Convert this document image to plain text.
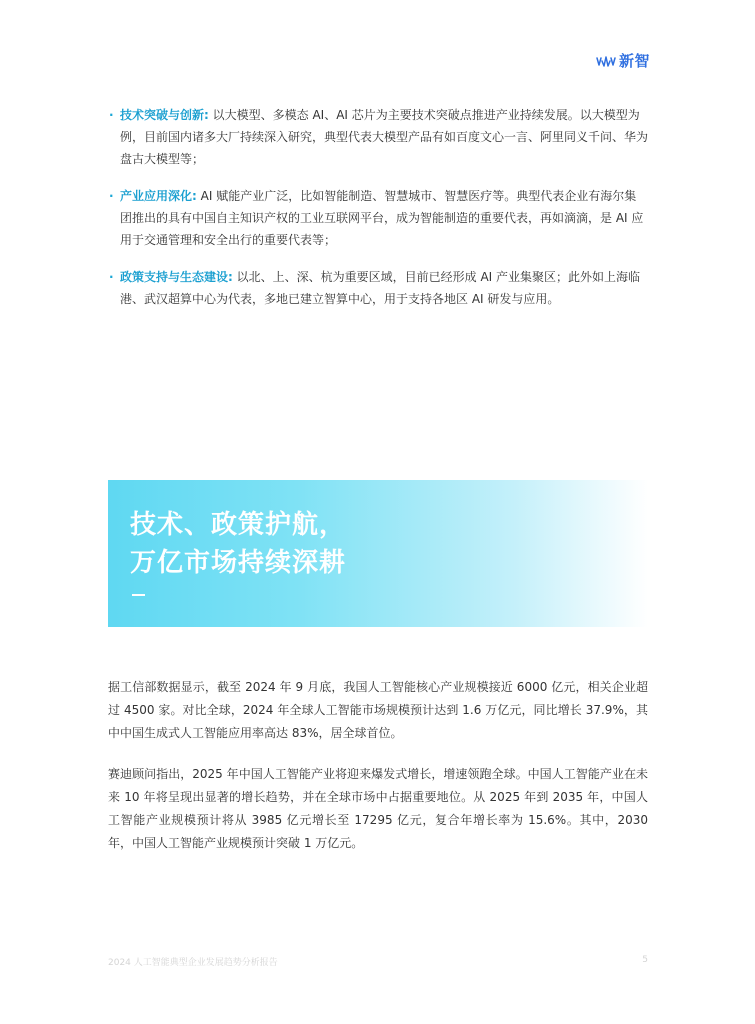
新智
· 技术突破与创新: 以大模型、多模态 AI、AI 芯片为主要技术突破点推进产业持续发展。以大模型为例，目前国内诸多大厂持续深入研究，典型代表大模型产品有如百度文心一言、阿里同义千问、华为盘古大模型等；
· 产业应用深化: AI 赋能产业广泛，比如智能制造、智慧城市、智慧医疗等。典型代表企业有海尔集团推出的具有中国自主知识产权的工业互联网平台，成为智能制造的重要代表，再如滴滴，是 AI 应用于交通管理和安全出行的重要代表等；
· 政策支持与生态建设: 以北、上、深、杭为重要区域，目前已经形成 AI 产业集聚区；此外如上海临港、武汉超算中心为代表，多地已建立智算中心，用于支持各地区 AI 研发与应用。
技术、政策护航，
万亿市场持续深耕

据工信部数据显示，截至 2024 年 9 月底，我国人工智能核心产业规模接近 6000 亿元，相关企业超过 4500 家。对比全球，2024 年全球人工智能市场规模预计达到 1.6 万亿元，同比增长 37.9%，其中中国生成式人工智能应用率高达 83%，居全球首位。

赛迪顾问指出，2025 年中国人工智能产业将迎来爆发式增长，增速领跑全球。中国人工智能产业在未来 10 年将呈现出显著的增长趋势，并在全球市场中占据重要地位。从 2025 年到 2035 年，中国人工智能产业规模预计将从 3985 亿元增长至 17295 亿元，复合年增长率为 15.6%。其中，2030 年，中国人工智能产业规模预计突破 1 万亿元。

2024 人工智能典型企业发展趋势分析报告	5
